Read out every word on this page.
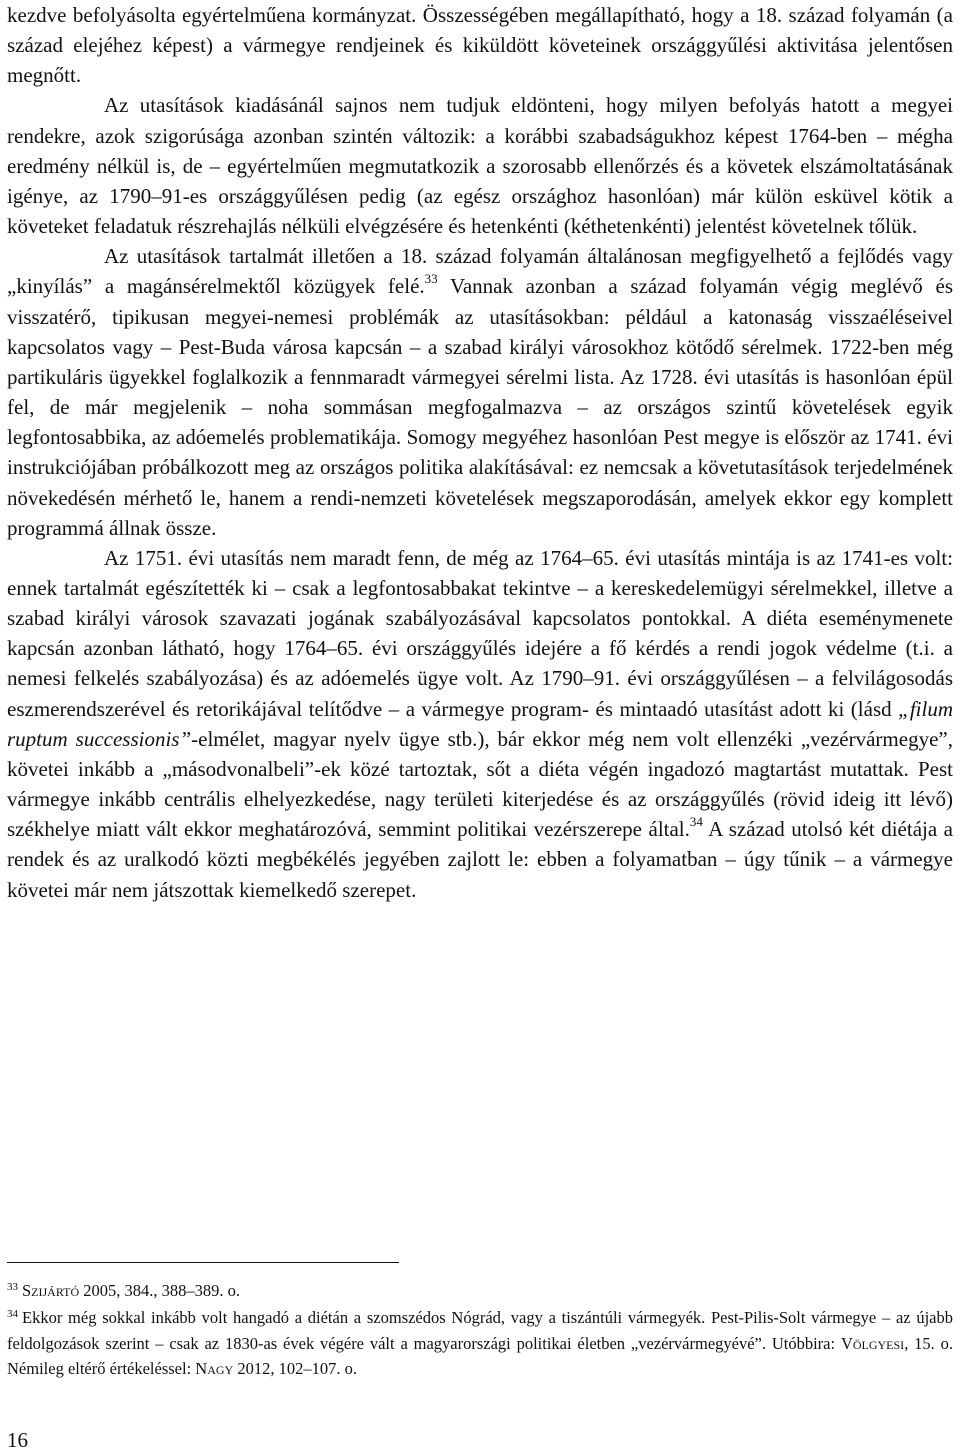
kezdve befolyásolta egyértelműena kormányzat. Összességében megállapítható, hogy a 18. század folyamán (a század elejéhez képest) a vármegye rendjeinek és kiküldött követeinek országgyűlési aktivitása jelentősen megnőtt.

Az utasítások kiadásánál sajnos nem tudjuk eldönteni, hogy milyen befolyás hatott a megyei rendekre, azok szigorúsága azonban szintén változik: a korábbi szabadságukhoz képest 1764-ben – mégha eredmény nélkül is, de – egyértelműen megmutatkozik a szorosabb ellenőrzés és a követek elszámoltatásának igénye, az 1790–91-es országgyűlésen pedig (az egész országhoz hasonlóan) már külön esküvel kötik a követeket feladatuk részrehajlás nélküli elvégzésére és hetenkénti (kéthetenkénti) jelentést követelnek tőlük.

Az utasítások tartalmát illetően a 18. század folyamán általánosan megfigyelhető a fejlődés vagy „kinyílás” a magánsérelmektől közügyek felé.$^{33}$ Vannak azonban a század folyamán végig meglévő és visszatérő, tipikusan megyei-nemesi problémák az utasításokban: például a katonaság visszaéléseivel kapcsolatos vagy – Pest-Buda városa kapcsán – a szabad királyi városokhoz kötődő sérelmek. 1722-ben még partikuláris ügyekkel foglalkozik a fennmaradt vármegyei sérelmi lista. Az 1728. évi utasítás is hasonlóan épül fel, de már megjelenik – noha sommásan megfogalmazva – az országos szintű követelések egyik legfontosabbika, az adóemelés problematikája. Somogy megyéhez hasonlóan Pest megye is először az 1741. évi instrukciójában próbálkozott meg az országos politika alakításával: ez nemcsak a követutasítások terjedelmének növekedésén mérhető le, hanem a rendi-nemzeti követelések megszaporodásán, amelyek ekkor egy komplett programmá állnak össze.

Az 1751. évi utasítás nem maradt fenn, de még az 1764–65. évi utasítás mintája is az 1741-es volt: ennek tartalmát egészítették ki – csak a legfontosabbakat tekintve – a kereskedelemügyi sérelmekkel, illetve a szabad királyi városok szavazati jogának szabályozásával kapcsolatos pontokkal. A diéta eseménymenete kapcsán azonban látható, hogy 1764–65. évi országgyűlés idejére a fő kérdés a rendi jogok védelme (t.i. a nemesi felkelés szabályozása) és az adóemelés ügye volt. Az 1790–91. évi országgyűlésen – a felvilágosodás eszmerendszerével és retorikájával telítődve – a vármegye program- és mintaadó utasítást adott ki (lásd „filum ruptum successionis”-elmélet, magyar nyelv ügye stb.), bár ekkor még nem volt ellenzéki „vezérvármegye”, követei inkább a „másodvonalbeli”-ek közé tartoztak, sőt a diéta végén ingadozó magtartást mutattak. Pest vármegye inkább centrális elhelyezkedése, nagy területi kiterjedése és az országgyűlés (rövid ideig itt lévő) székhelye miatt vált ekkor meghatározóvá, semmint politikai vezérszerepe által.$^{34}$ A század utolsó két diétája a rendek és az uralkodó közti megbékélés jegyében zajlott le: ebben a folyamatban – úgy tűnik – a vármegye követei már nem játszottak kiemelkedő szerepet.

$^{33}$ Szijártó 2005, 384., 388–389. o.

$^{34}$ Ekkor még sokkal inkább volt hangadó a diétán a szomszédos Nógrád, vagy a tiszántúli vármegyék. Pest-Pilis-Solt vármegye – az újabb feldolgozások szerint – csak az 1830-as évek végére vált a magyarországi politikai életben „vezérvármegyévé”. Utóbbira: Völgyesi, 15. o. Némileg eltérő értékeléssel: Nagy 2012, 102–107. o.

16
